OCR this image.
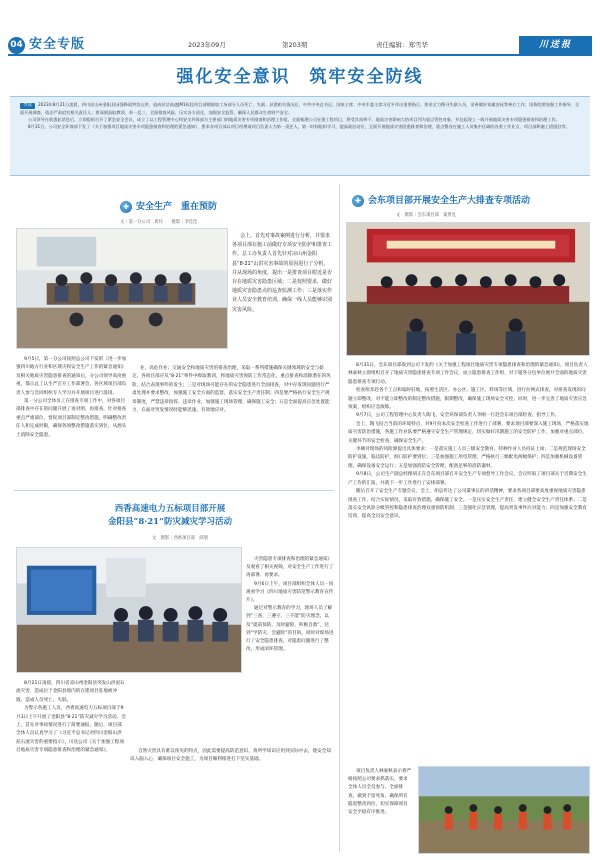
04 安全专版	2023年09月	第203期	责任编辑：郑雪华	川送报
强化安全意识　筑牢安全防线

导读 2023年8月21日凌晨，四川凉山州金阳县因强降雨突发山洪，造成拉沽高速JM1标段项目部钢筋加工场部分人员死亡、失联。获悉相关情况后，中共中央总书记、国家主席、中央军委主席习近平作出重要指示，要求全力搜寻失联人员，妥善做好家属安抚等善后工作；国务院要加强工作指导，全面开展调查，依法严肃追究相关责任人；要深刻汲取教训，举一反三，全面排查风险，压实各方责任，加强安全监管，确保人民群众生命财产安全。

公司领导在收悉此消息后，立即组织召开了紧急安全会议，成立了以工程管理中心和安全环保部为主要部门的地质灾害专项排查和治理工作组，全面梳理公司在建工程项目，将受其尚带不、地质灾害影响大的项目列为重点管控对象，并赴起现工一线开展地质灾害专项隐患排查和治理工作。

8月31日，公司安全环保部下发了《关于加强项目地质灾害专项隐患排查和治理的紧急通知》，要求各项目部以项目经理或项目负责人为第一责任人，第一时间组织学习，提高政治站位，全面开展地质灾害隐患排查和治理，重点整各在施工人员集中区域的各类工作业点、项目部和施工班组驻等。

✚ 安全生产　重在预防
文｜第一分公司　唐玲　　摄影｜李佳佳

会上，首先对事故案例进行分析，并要求各项目部在施工前做好专项安全防护和排查工作。总工办负责人首先针对凉山州金阳县“8·21”山洪灾害事故的原因进行了分析，并从现场的角度，提出一是排查项目附近是否存在地质灾害隐患区域；二是按照要求，做好地质灾害隐患点的巡查监测工作；三是落实作业人员安全教育培训，确保一线人员能够识别灾害风险。

9月5日，第一分公司按照总公司下发的《进一步加强四川地方行业和区域灾和安全生产工作的紧急通知》及相关地质灾害隐患排查的通知后，分公司领导高度重视，都示总工认生严召开工作部署会，各区域项目部负责人参与会同组织专人学习并开展项目进行落排。

第一分公司全体员工在排查专项工作中，对各项目部排查中存在的问题开展了再对照、再排查，针对排查重点严重部位，督促项目部制定整改措施，明确整改责任人和完成时限，确保各项整改措施落实到位，从源头上消除安全隐患。

业，高危作业；交通安全和地质灾害的排查治理，采取一系列措施确保关键领域的安全与稳定。各项目部应从“8·21”事件中吸取教训，将地质灾害预防工作常态化，重点排查和消除潜在的风险，结合表现事件的发生；三是对现场可能存在的安全隐患进行全面排查，对中存发现问题进行严肃处理并要求整改，加强施工安全方面的监督，落实安全生产责任制；四是要严格执行安全生产规章制度，严禁违章指挥、违章作业，加强施工现场管理，确保施工安全；五是全面提高应急处置能力，在面对突发情况时能够迅速、有效地应对。

西香高速电力五标项目部开展
金阳县“8·21”防灾减灾学习活动
文　摄影｜西香项目部　邱朋

灾害隐患专项排查和治理的紧急通知》及观看了相关视频，对安全生产工作进行了再部署、再要求。

9月6日上午，项目部组织全体人员一同观看学习《四川地质灾害防范警示教育宣传片》。

通过对警示教育的学习，现场人员了解到“三查、三遵守、三不能”防灾理念，以及“提前预防，及时避险，积极自救”，达到“学防灾、会避险”的目的。同时对现场进行了安全隐患排查，对隐患问题进行了整改，形成闭环管理。

8月21日凌晨，四川省凉山州金阳县突发山洪泥石流灾害，造成位于金阳县境内的在建项目驻地被冲毁，造成人员死亡、失联。

为警示各施工人员，西香高速电力五标项目部于9月3日上午开展了金阳县“8·21”防灾减灾学习活动。会上，首先对事故情况进行了简要通报，随后，项目部全体人员认真学习了《习近平总书记对四川金阳山洪泥石流灾害的重要指示》、川送公司《关于加强工程项目地质灾害专项隐患排查和治理的紧急通知》。	自然灾害具有难以预见的特点，因此需要提高防范意识。将所学知识应用到实际中去，使安全知识入脑入心，确保项目安全施工，为项目顺利推进打下坚实基础。

✚ 会东项目部开展安全生产大排查专项活动
文　摄影｜会东项目部　蒙贤礼

8月31日，会东项目部收到公司下发的《关于加强工程项目地质灾害专项隐患排查和治理的紧急通知》，项目负责人林豪秋立即组织召开了地质灾害隐患排查专项工作会议，成立隐患排查工作组，对下辖各分包单位展开全面的地质灾害隐患排查专项行动。

检查组奔赴各个工点和临时驻地，按照生活区、办公区、施工区、料场等区域，进行拉网式排查。对排查发现的问题立即整改，对不能立即整改的制定整改措施，限期整改，确保施工现场安全可控。同时，进一步完善了地质灾害应急预案，组织应急演练。

9月7日，公司工程管理中心负责人陶飞、安全环保部负责人李刚一行赴会东项目部检查、指导工作。

会上，陶飞结合当前的环境特点，对9月份本次安全检查工作进行了部署，要求项目部要深入施工现场，严格落实地质灾害防治措施，各施工作业队要严格遵守安全生产管理规定，切实做好汛期施工的安全防护工作，加强对重点部位、关键环节的安全检查，确保安全生产。

李刚对现场的风险源提出具体要求：一是落实施工人员三级安全教育，特种作业人员持证上岗；二是规范现场安全防护设施，临边防护、洞口防护要到位；三是加强施工用电管理，严格执行三级配电两级保护；四是加强机械设备管理，确保设备安全运行；五是加强消防安全管理，配备足够的消防器材。

9月8日，公司生产副总经理胡正在会东项目部召开安全生产专项督导工作会议，会议听取了项目部关于近期安全生产工作的汇报，并就下一步工作进行了安排部署。

随后召开了安全生产专题会议，会上，胡总传达了公司董事长的讲话精神，要求各项目部要高度重视地质灾害隐患排查工作，结合实际情况，采取有效措施，确保施工安全。一是压实安全生产责任，建立健全安全生产责任体系；二是落实安全风险分级管控和隐患排查治理双重预防机制；三是强化应急管理，提高突发事件应对能力；四是加强安全教育培训，提高全员安全意识。

项目负责人林豪秋表示将严格按照公司要求抓落实，要求全体人员全员参与、全面排查，做到不留死角，确保所有隐患整改到位，切实保障项目安全平稳有序推进。
